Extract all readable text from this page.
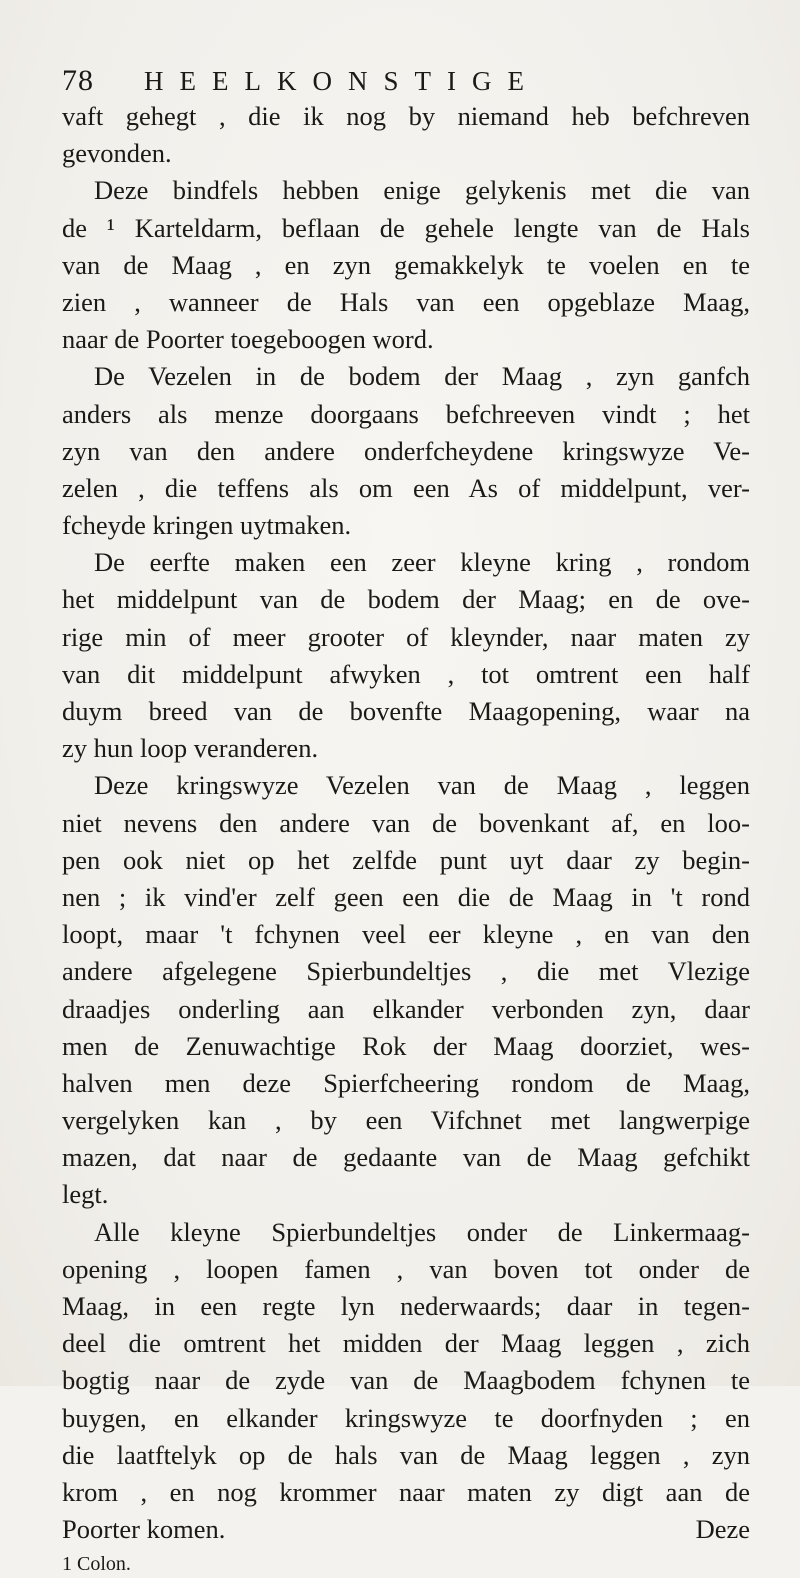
78 HEELKONSTIGE
vaft gehegt , die ik nog by niemand heb befchreven
gevonden.
Deze bindfels hebben enige gelykenis met die van
de ¹ Karteldarm, beflaan de gehele lengte van de Hals
van de Maag , en zyn gemakkelyk te voelen en te
zien , wanneer de Hals van een opgeblaze Maag,
naar de Poorter toegeboogen word.
De Vezelen in de bodem der Maag , zyn ganfch
anders als menze doorgaans befchreeven vindt ; het
zyn van den andere onderfcheydene kringswyze Ve-
zelen , die teffens als om een As of middelpunt, ver-
fcheyde kringen uytmaken.
De eerfte maken een zeer kleyne kring , rondom
het middelpunt van de bodem der Maag; en de ove-
rige min of meer grooter of kleynder, naar maten zy
van dit middelpunt afwyken , tot omtrent een half
duym breed van de bovenfte Maagopening, waar na
zy hun loop veranderen.
Deze kringswyze Vezelen van de Maag , leggen
niet nevens den andere van de bovenkant af, en loo-
pen ook niet op het zelfde punt uyt daar zy begin-
nen ; ik vind'er zelf geen een die de Maag in 't rond
loopt, maar 't fchynen veel eer kleyne , en van den
andere afgelegene Spierbundeltjes , die met Vlezige
draadjes onderling aan elkander verbonden zyn, daar
men de Zenuwachtige Rok der Maag doorziet, wes-
halven men deze Spierfcheering rondom de Maag,
vergelyken kan , by een Vifchnet met langwerpige
mazen, dat naar de gedaante van de Maag gefchikt
legt.
Alle kleyne Spierbundeltjes onder de Linkermaag-
opening , loopen famen , van boven tot onder de
Maag, in een regte lyn nederwaards; daar in tegen-
deel die omtrent het midden der Maag leggen , zich
bogtig naar de zyde van de Maagbodem fchynen te
buygen, en elkander kringswyze te doorfnyden ; en
die laatftelyk op de hals van de Maag leggen , zyn
krom , en nog krommer naar maten zy digt aan de
Poorter komen.	Deze
1 Colon.
